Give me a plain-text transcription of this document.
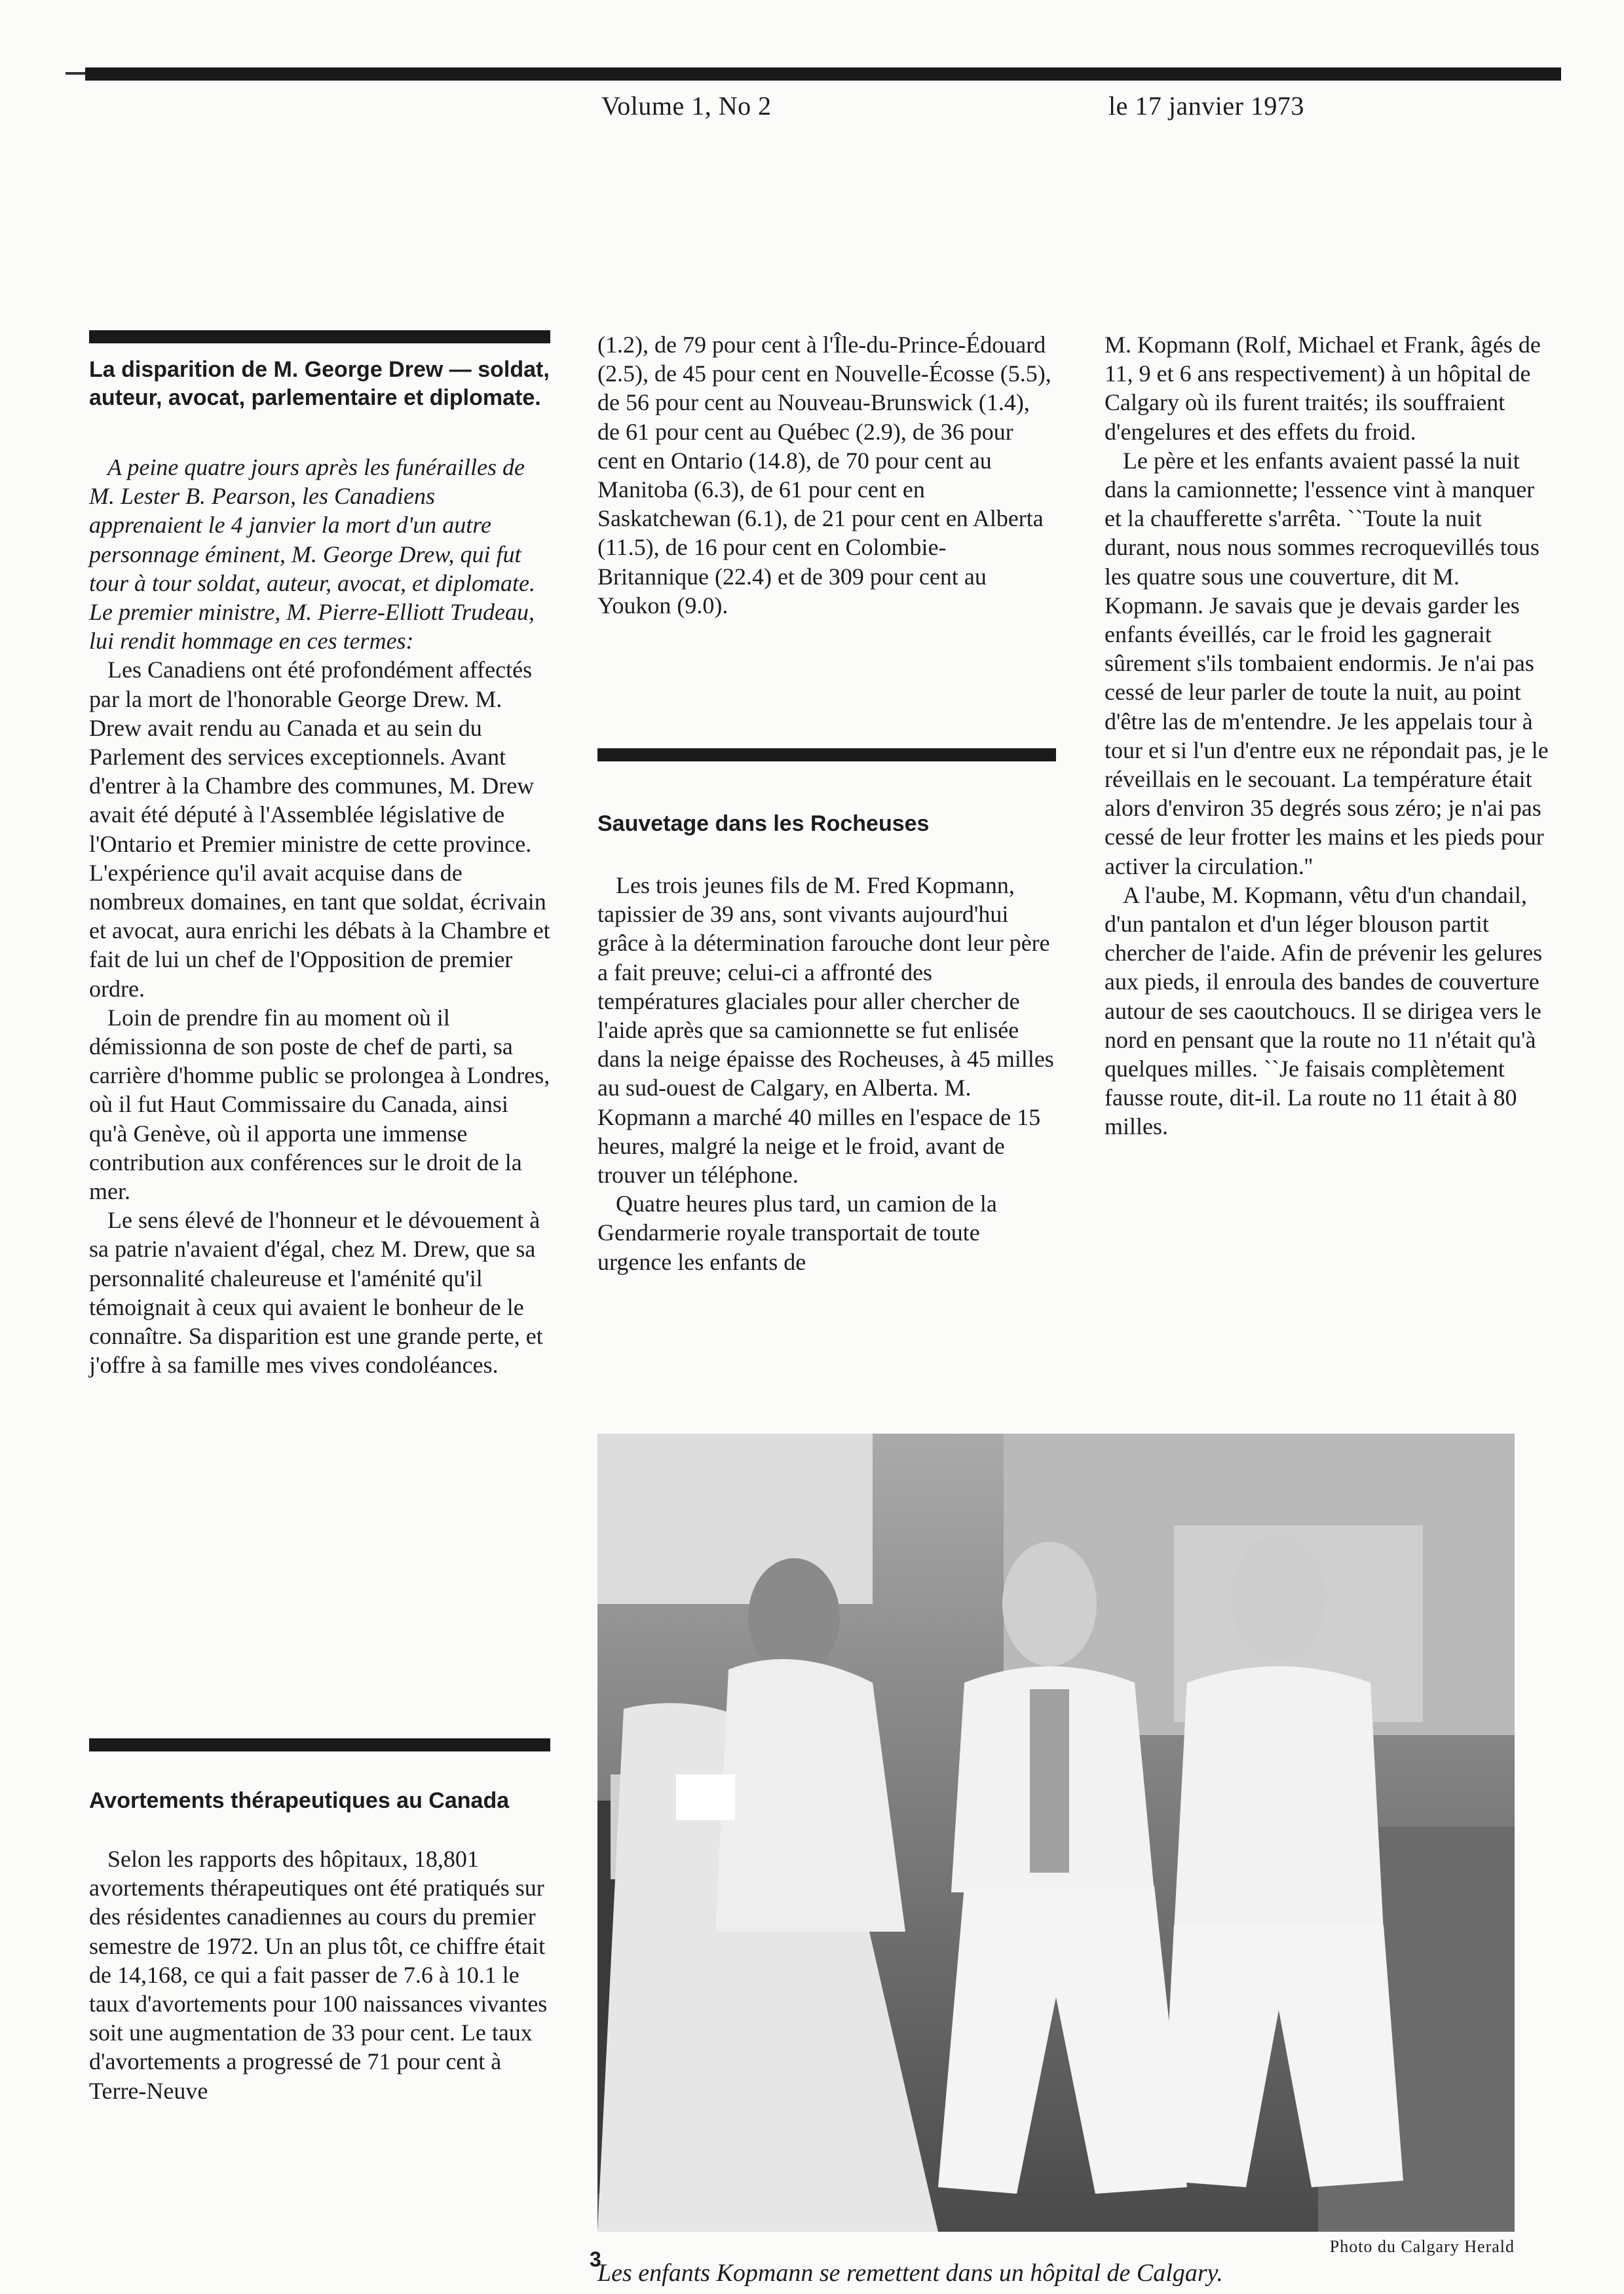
Volume 1, No 2	le 17 janvier 1973
La disparition de M. George Drew — soldat, auteur, avocat, parlementaire et diplomate.

A peine quatre jours après les funérailles de M. Lester B. Pearson, les Canadiens apprenaient le 4 janvier la mort d'un autre personnage éminent, M. George Drew, qui fut tour à tour soldat, auteur, avocat, et diplomate. Le premier ministre, M. Pierre-Elliott Trudeau, lui rendit hommage en ces termes:

Les Canadiens ont été profondément affectés par la mort de l'honorable George Drew. M. Drew avait rendu au Canada et au sein du Parlement des services exceptionnels. Avant d'entrer à la Chambre des communes, M. Drew avait été député à l'Assemblée législative de l'Ontario et Premier ministre de cette province. L'expérience qu'il avait acquise dans de nombreux domaines, en tant que soldat, écrivain et avocat, aura enrichi les débats à la Chambre et fait de lui un chef de l'Opposition de premier ordre.

Loin de prendre fin au moment où il démissionna de son poste de chef de parti, sa carrière d'homme public se prolongea à Londres, où il fut Haut Commissaire du Canada, ainsi qu'à Genève, où il apporta une immense contribution aux conférences sur le droit de la mer.

Le sens élevé de l'honneur et le dévouement à sa patrie n'avaient d'égal, chez M. Drew, que sa personnalité chaleureuse et l'aménité qu'il témoignait à ceux qui avaient le bonheur de le connaître. Sa disparition est une grande perte, et j'offre à sa famille mes vives condoléances.

Avortements thérapeutiques au Canada

Selon les rapports des hôpitaux, 18,801 avortements thérapeutiques ont été pratiqués sur des résidentes canadiennes au cours du premier semestre de 1972. Un an plus tôt, ce chiffre était de 14,168, ce qui a fait passer de 7.6 à 10.1 le taux d'avortements pour 100 naissances vivantes soit une augmentation de 33 pour cent. Le taux d'avortements a progressé de 71 pour cent à Terre-Neuve

(1.2), de 79 pour cent à l'Île-du-Prince-Édouard (2.5), de 45 pour cent en Nouvelle-Écosse (5.5), de 56 pour cent au Nouveau-Brunswick (1.4), de 61 pour cent au Québec (2.9), de 36 pour cent en Ontario (14.8), de 70 pour cent au Manitoba (6.3), de 61 pour cent en Saskatchewan (6.1), de 21 pour cent en Alberta (11.5), de 16 pour cent en Colombie-Britannique (22.4) et de 309 pour cent au Youkon (9.0).

Sauvetage dans les Rocheuses

Les trois jeunes fils de M. Fred Kopmann, tapissier de 39 ans, sont vivants aujourd'hui grâce à la détermination farouche dont leur père a fait preuve; celui-ci a affronté des températures glaciales pour aller chercher de l'aide après que sa camionnette se fut enlisée dans la neige épaisse des Rocheuses, à 45 milles au sud-ouest de Calgary, en Alberta. M. Kopmann a marché 40 milles en l'espace de 15 heures, malgré la neige et le froid, avant de trouver un téléphone.

Quatre heures plus tard, un camion de la Gendarmerie royale transportait de toute urgence les enfants de

M. Kopmann (Rolf, Michael et Frank, âgés de 11, 9 et 6 ans respectivement) à un hôpital de Calgary où ils furent traités; ils souffraient d'engelures et des effets du froid.

Le père et les enfants avaient passé la nuit dans la camionnette; l'essence vint à manquer et la chaufferette s'arrêta. ``Toute la nuit durant, nous nous sommes recroquevillés tous les quatre sous une couverture, dit M. Kopmann. Je savais que je devais garder les enfants éveillés, car le froid les gagnerait sûrement s'ils tombaient endormis. Je n'ai pas cessé de leur parler de toute la nuit, au point d'être las de m'entendre. Je les appelais tour à tour et si l'un d'entre eux ne répondait pas, je le réveillais en le secouant. La température était alors d'environ 35 degrés sous zéro; je n'ai pas cessé de leur frotter les mains et les pieds pour activer la circulation.''

A l'aube, M. Kopmann, vêtu d'un chandail, d'un pantalon et d'un léger blouson partit chercher de l'aide. Afin de prévenir les gelures aux pieds, il enroula des bandes de couverture autour de ses caoutchoucs. Il se dirigea vers le nord en pensant que la route no 11 n'était qu'à quelques milles. ``Je faisais complètement fausse route, dit-il. La route no 11 était à 80 milles.

Photo du Calgary Herald
Les enfants Kopmann se remettent dans un hôpital de Calgary.
3
